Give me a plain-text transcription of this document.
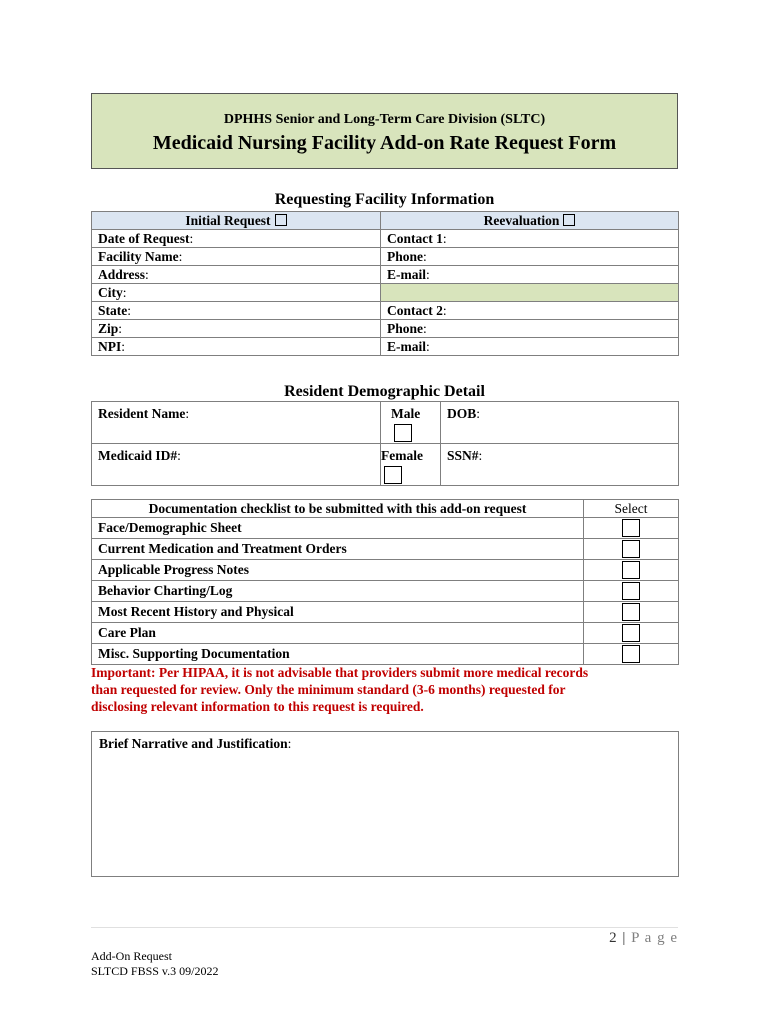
DPHHS Senior and Long-Term Care Division (SLTC)
Medicaid Nursing Facility Add-on Rate Request Form
Requesting Facility Information
Initial Request	Reevaluation
Date of Request:	Contact 1:
Facility Name:	Phone:
Address:	E-mail:
City:	
State:	Contact 2:
Zip:	Phone:
NPI:	E-mail:
Resident Demographic Detail
Resident Name:	Male	DOB:
Medicaid ID#:	Female	SSN#:
Documentation checklist to be submitted with this add-on request	Select
Face/Demographic Sheet	

Current Medication and Treatment Orders	

Applicable Progress Notes	

Behavior Charting/Log	

Most Recent History and Physical	

Care Plan	

Misc. Supporting Documentation	
Important: Per HIPAA, it is not advisable that providers submit more medical records
than requested for review. Only the minimum standard (3-6 months) requested for
disclosing relevant information to this request is required.
Brief Narrative and Justification:
2 | P a g e
Add-On Request
SLTCD FBSS v.3 09/2022
